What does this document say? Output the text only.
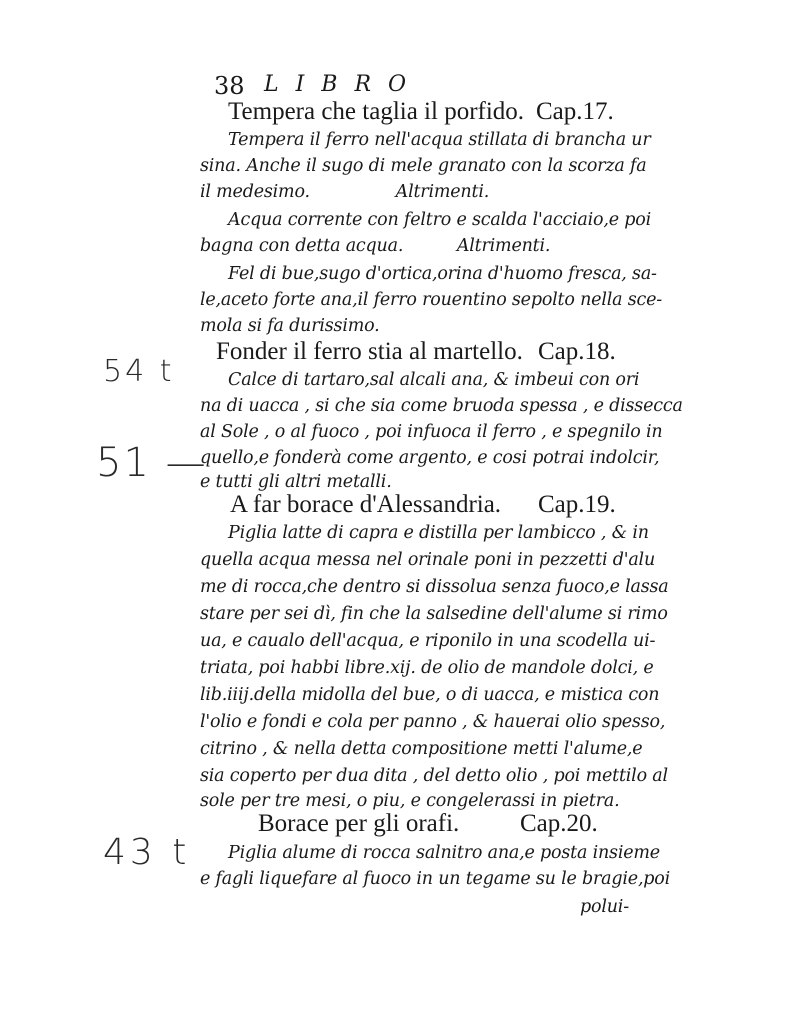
38 LIBRO
Tempera che taglia il porfido. Cap.17.
Tempera il ferro nell'acqua stillata di brancha ur
sina. Anche il sugo di mele granato con la scorza fa
il medesimo.                Altrimenti.
Acqua corrente con feltro e scalda l'acciaio,e poi
bagna con detta acqua.          Altrimenti.
Fel di bue,sugo d'ortica,orina d'huomo fresca, sa-
le,aceto forte ana,il ferro rouentino sepolto nella sce-
mola si fa durissimo.
Fonder il ferro stia al martello. Cap.18.
Calce di tartaro,sal alcali ana, & imbeui con ori
na di uacca , si che sia come bruoda spessa , e dissecca
al Sole , o al fuoco , poi infuoca il ferro , e spegnilo in
quello,e fonderà come argento, e cosi potrai indolcir,
e tutti gli altri metalli.
A far borace d'Alessandria. Cap.19.
Piglia latte di capra e distilla per lambicco , & in
quella acqua messa nel orinale poni in pezzetti d'alu
me di rocca,che dentro si dissolua senza fuoco,e lassa
stare per sei dì, fin che la salsedine dell'alume si rimo
ua, e caualo dell'acqua, e riponilo in una scodella ui-
triata, poi habbi libre.xij. de olio de mandole dolci, e
lib.iiij.della midolla del bue, o di uacca, e mistica con
l'olio e fondi e cola per panno , & hauerai olio spesso,
citrino , & nella detta compositione metti l'alume,e
sia coperto per dua dita , del detto olio , poi mettilo al
sole per tre mesi, o piu, e congelerassi in pietra.
Borace per gli orafi. Cap.20.
Piglia alume di rocca salnitro ana,e posta insieme
e fagli liquefare al fuoco in un tegame su le bragie,poi
polui-
54 t
51 —
43 t
